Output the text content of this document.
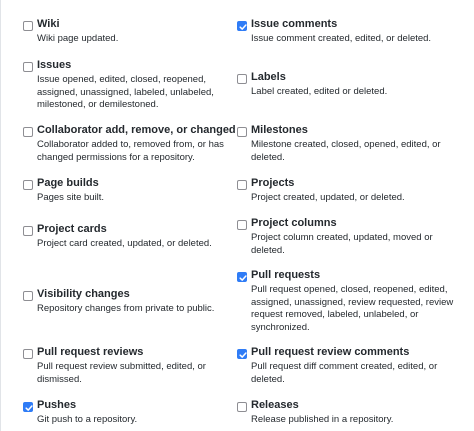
Wiki
Wiki page updated.
Issues
Issue opened, edited, closed, reopened,
assigned, unassigned, labeled, unlabeled,
milestoned, or demilestoned.
Collaborator add, remove, or changed
Collaborator added to, removed from, or has
changed permissions for a repository.
Page builds
Pages site built.
Project cards
Project card created, updated, or deleted.
Visibility changes
Repository changes from private to public.
Pull request reviews
Pull request review submitted, edited, or
dismissed.
Pushes
Git push to a repository.
Issue comments
Issue comment created, edited, or deleted.
Labels
Label created, edited or deleted.
Milestones
Milestone created, closed, opened, edited, or
deleted.
Projects
Project created, updated, or deleted.
Project columns
Project column created, updated, moved or
deleted.
Pull requests
Pull request opened, closed, reopened, edited,
assigned, unassigned, review requested, review
request removed, labeled, unlabeled, or
synchronized.
Pull request review comments
Pull request diff comment created, edited, or
deleted.
Releases
Release published in a repository.
